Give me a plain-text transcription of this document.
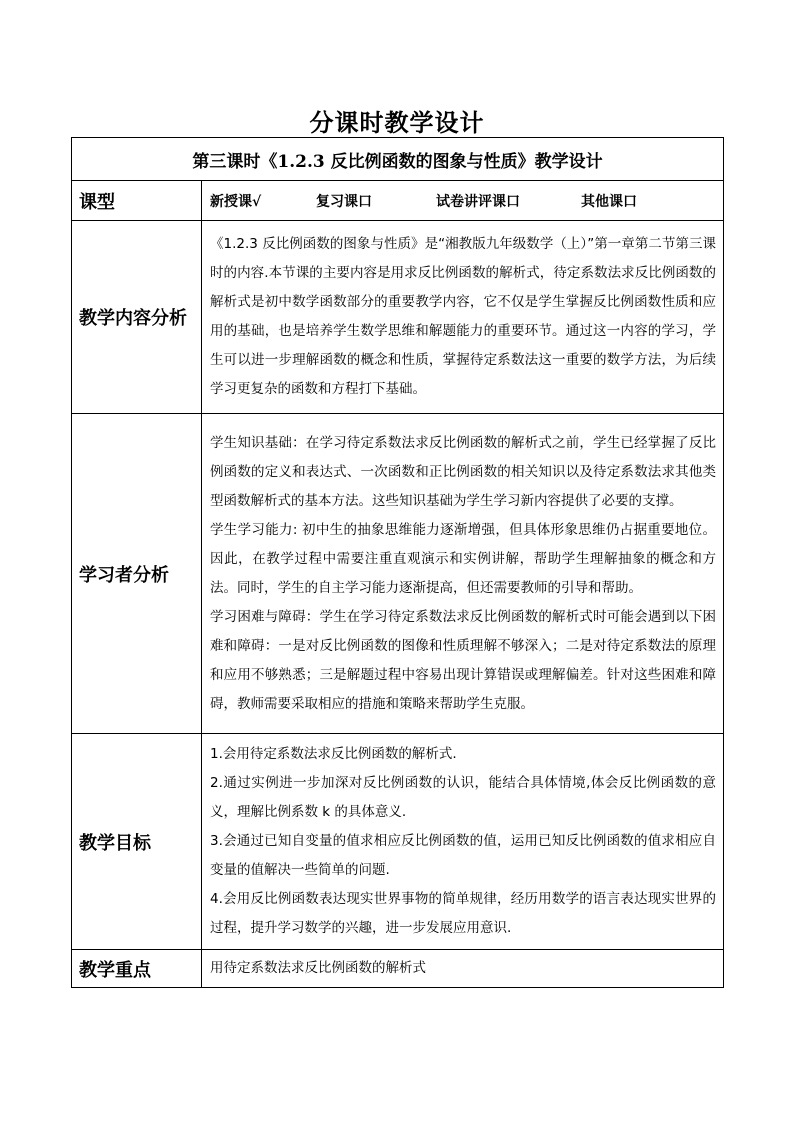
分课时教学设计
第三课时《1.2.3 反比例函数的图象与性质》教学设计	
课型	新授课√ 复习课口 试卷讲评课口 其他课口

教学内容分析	《1.2.3 反比例函数的图象与性质》是“湘教版九年级数学（上）”第一章第二节第三课时的内容.本节课的主要内容是用求反比例函数的解析式，待定系数法求反比例函数的解析式是初中数学函数部分的重要教学内容，它不仅是学生掌握反比例函数性质和应用的基础，也是培养学生数学思维和解题能力的重要环节。通过这一内容的学习，学生可以进一步理解函数的概念和性质，掌握待定系数法这一重要的数学方法，为后续学习更复杂的函数和方程打下基础。

学习者分析	学生知识基础：在学习待定系数法求反比例函数的解析式之前，学生已经掌握了反比例函数的定义和表达式、一次函数和正比例函数的相关知识以及待定系数法求其他类型函数解析式的基本方法。这些知识基础为学生学习新内容提供了必要的支撑。

学生学习能力: 初中生的抽象思维能力逐渐增强，但具体形象思维仍占据重要地位。因此，在教学过程中需要注重直观演示和实例讲解，帮助学生理解抽象的概念和方法。同时，学生的自主学习能力逐渐提高，但还需要教师的引导和帮助。

学习困难与障碍：学生在学习待定系数法求反比例函数的解析式时可能会遇到以下困难和障碍：一是对反比例函数的图像和性质理解不够深入；二是对待定系数法的原理和应用不够熟悉；三是解题过程中容易出现计算错误或理解偏差。针对这些困难和障碍，教师需要采取相应的措施和策略来帮助学生克服。

教学目标	1.会用待定系数法求反比例函数的解析式.

2.通过实例进一步加深对反比例函数的认识，能结合具体情境,体会反比例函数的意义，理解比例系数 k 的具体意义.

3.会通过已知自变量的值求相应反比例函数的值，运用已知反比例函数的值求相应自变量的值解决一些简单的问题.

4.会用反比例函数表达现实世界事物的简单规律，经历用数学的语言表达现实世界的过程，提升学习数学的兴趣，进一步发展应用意识.

教学重点	用待定系数法求反比例函数的解析式
